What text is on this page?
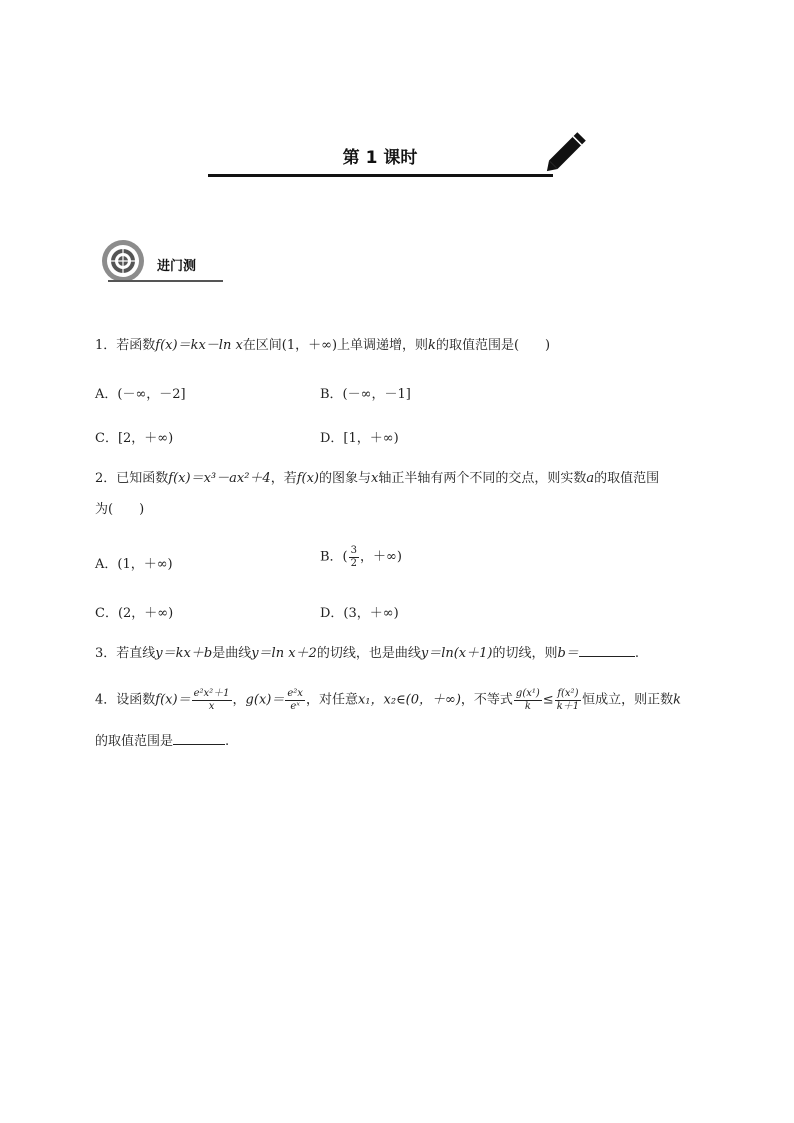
第 1 课时
进门测
1．若函数f(x)＝kx－ln x在区间(1，＋∞)上单调递增，则k的取值范围是(　　)
A．(－∞，－2]	B．(－∞，－1]
C．[2，＋∞)	D．[1，＋∞)
2．已知函数f(x)＝x³－ax²＋4，若f(x)的图象与x轴正半轴有两个不同的交点，则实数a的取值范围
为(　　)
A．(1，＋∞)	B．( $\frac{3}{2}$ ，＋∞)
C．(2，＋∞)	D．(3，＋∞)
3．若直线y＝kx＋b是曲线y＝ln x＋2的切线，也是曲线y＝ln(x＋1)的切线，则b＝	.
4．设函数$f(x)= \frac{\text{e²x²＋1}}{x}$ ，$g(x)= \frac{\text{e²x}}{\text{eˣ}}$ ，对任意x₁，x₂∈(0，＋∞)，不等式 $\frac{\text{g(x¹)}}{k} \le \frac{\text{f(x²)}}{k+1}$ 恒成立，则正数k
的取值范围是	.
